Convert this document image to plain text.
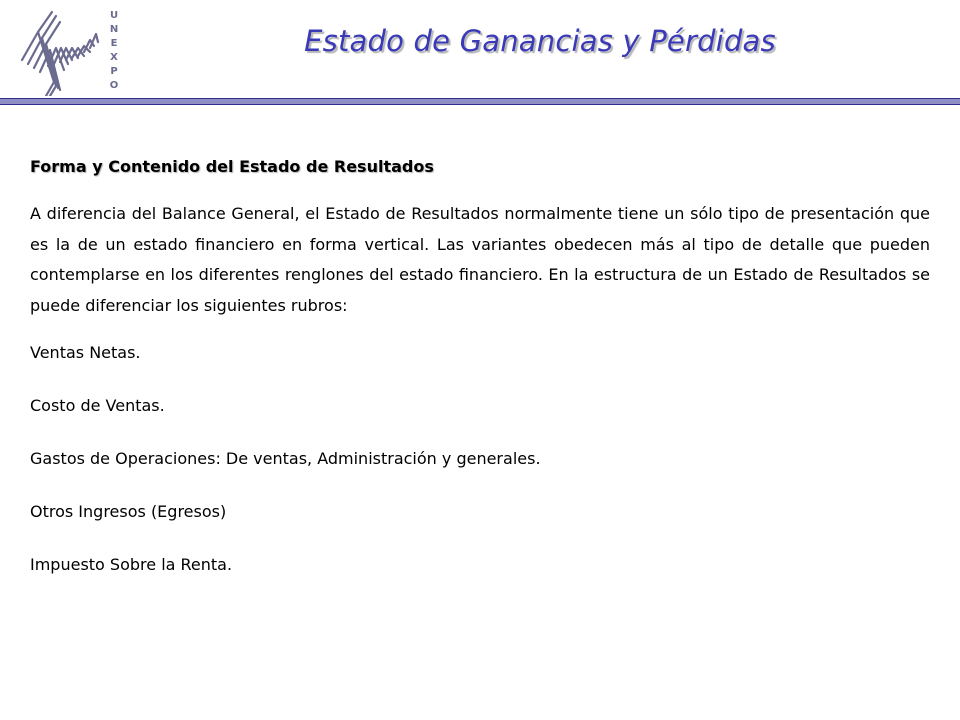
U
N
E
X
P
O
Estado de Ganancias y Pérdidas
Forma y Contenido del Estado de Resultados
A diferencia del Balance General, el Estado de Resultados normalmente tiene un sólo tipo de presentación que es la de un estado financiero en forma vertical. Las variantes obedecen más al tipo de detalle que pueden contemplarse en los diferentes renglones del estado financiero. En la estructura de un Estado de Resultados se puede diferenciar los siguientes rubros:
Ventas Netas.
Costo de Ventas.
Gastos de Operaciones: De ventas, Administración y generales.
Otros Ingresos (Egresos)
Impuesto Sobre la Renta.
